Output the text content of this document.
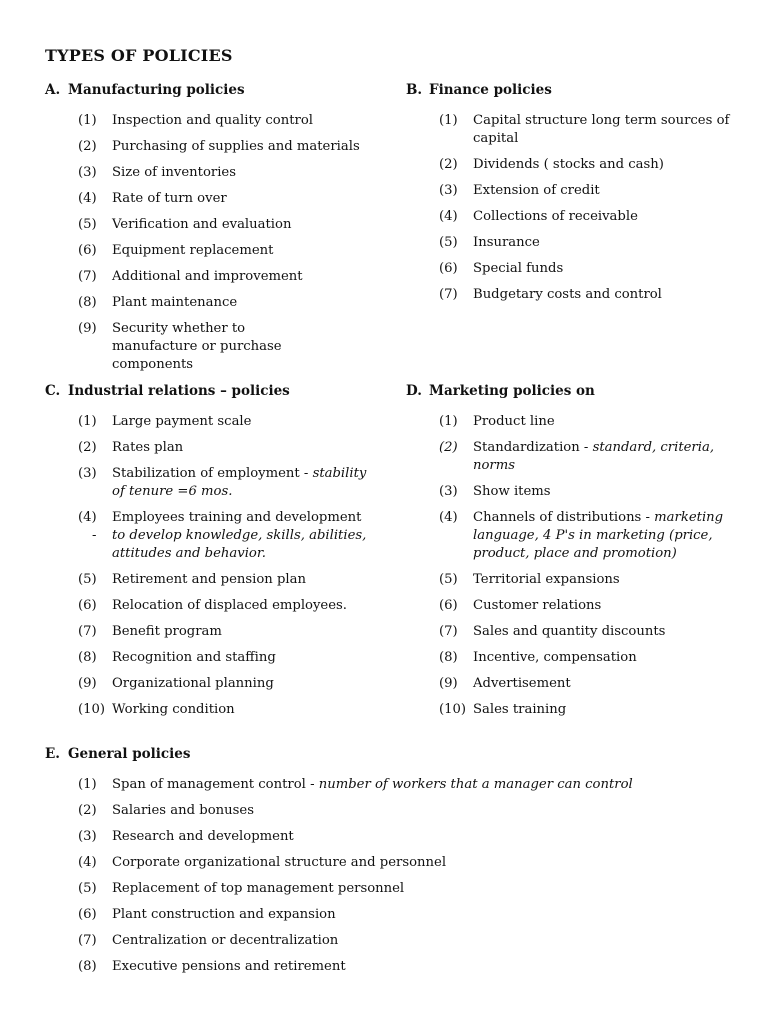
TYPES OF POLICIES
A. Manufacturing policies
(1)	Inspection and quality control
(2)	Purchasing of supplies and materials
(3)	Size of inventories
(4)	Rate of turn over
(5)	Verification and evaluation
(6)	Equipment replacement
(7)	Additional and improvement
(8)	Plant maintenance
(9)	Security whether to manufacture or purchase components
B. Finance policies
(1)	Capital structure long term sources of capital
(2)	Dividends ( stocks and cash)
(3)	Extension of credit
(4)	Collections of receivable
(5)	Insurance
(6)	Special funds
(7)	Budgetary costs and control
C. Industrial relations – policies
(1)	Large payment scale
(2)	Rates plan
(3)	Stabilization of employment - stability of tenure =6 mos.
(4)	Employees training and development
- to develop knowledge, skills, abilities, attitudes and behavior.
(5)	Retirement and pension plan
(6)	Relocation of displaced employees.
(7)	Benefit program
(8)	Recognition and staffing
(9)	Organizational planning
(10) Working condition
D. Marketing policies on
(1)	Product line
(2)	Standardization - standard, criteria, norms
(3)	Show items
(4)	Channels of distributions - marketing language, 4 P's in marketing (price, product, place and promotion)
(5)	Territorial expansions
(6)	Customer relations
(7)	Sales and quantity discounts
(8)	Incentive, compensation
(9)	Advertisement
(10) Sales training
E. General policies
(1)	Span of management control - number of workers that a manager can control
(2)	Salaries and bonuses
(3)	Research and development
(4)	Corporate organizational structure and personnel
(5)	Replacement of top management personnel
(6)	Plant construction and expansion
(7)	Centralization or decentralization
(8)	Executive pensions and retirement
